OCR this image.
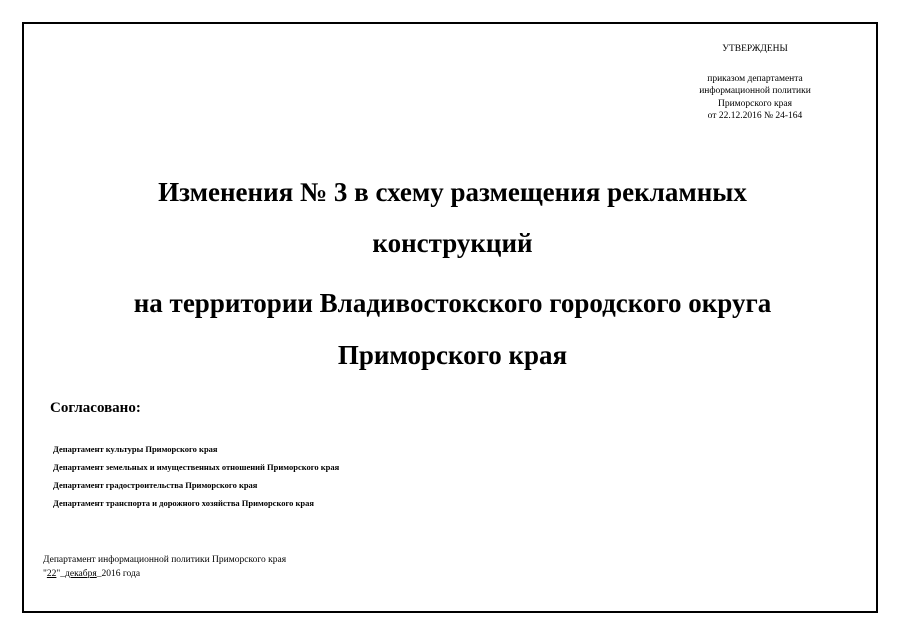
УТВЕРЖДЕНЫ
приказом департамента
информационной политики
Приморского края
от 22.12.2016 № 24-164
Изменения № 3 в схему размещения рекламных
конструкций
на территории Владивостокского городского округа
Приморского края
Согласовано:
Департамент культуры Приморского края
Департамент земельных и имущественных отношений Приморского края
Департамент градостроительства Приморского края
Департамент транспорта и дорожного хозяйства Приморского края
Департамент информационной политики Приморского края
"22"_декабря_2016 года
